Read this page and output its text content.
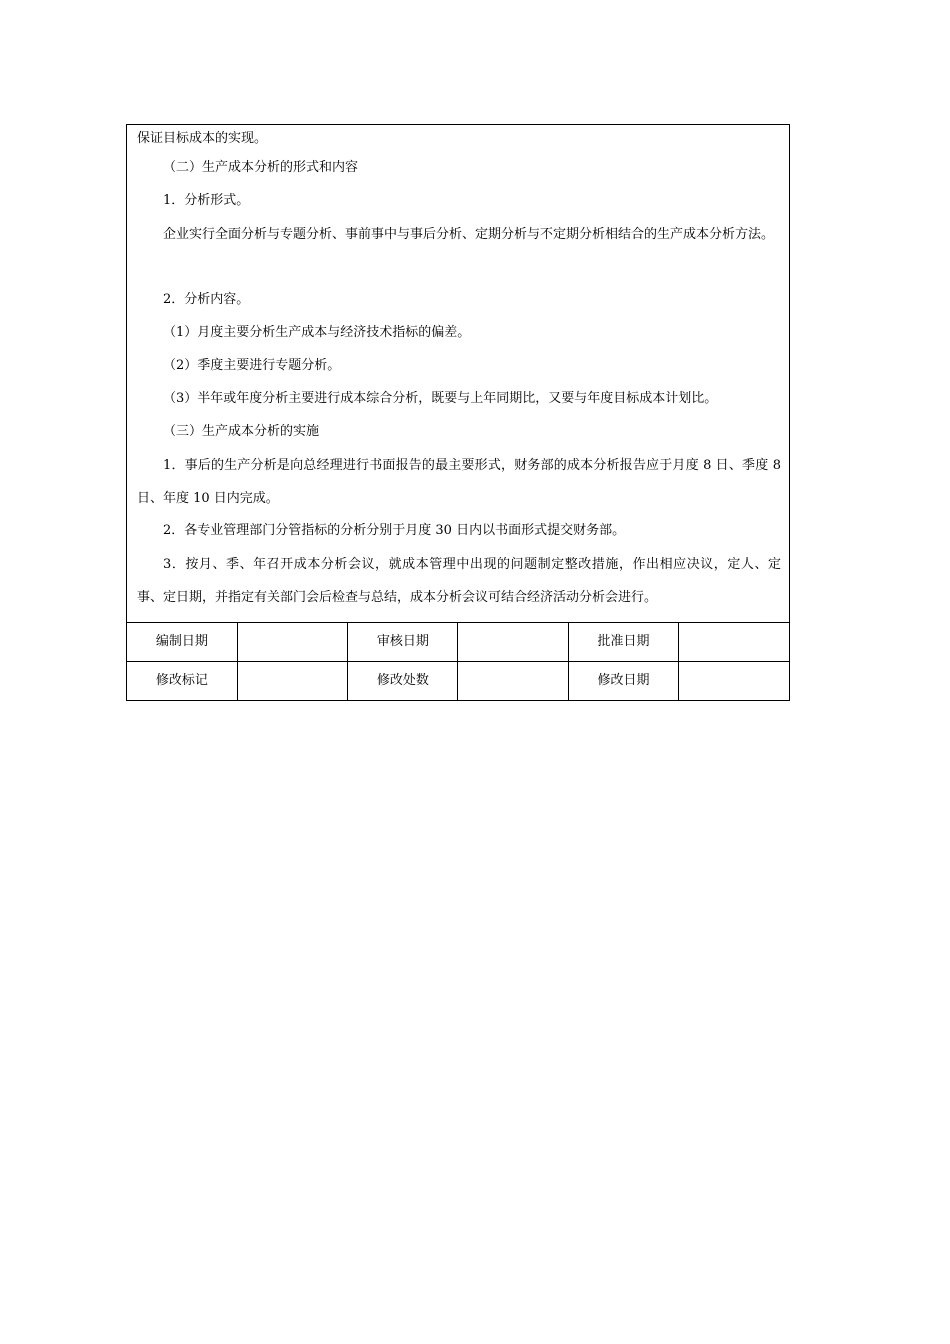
保证目标成本的实现。

（二）生产成本分析的形式和内容

1．分析形式。

企业实行全面分析与专题分析、事前事中与事后分析、定期分析与不定期分析相结合的生产成本分析方法。

2．分析内容。

（1）月度主要分析生产成本与经济技术指标的偏差。

（2）季度主要进行专题分析。

（3）半年或年度分析主要进行成本综合分析，既要与上年同期比，又要与年度目标成本计划比。

（三）生产成本分析的实施

1．事后的生产分析是向总经理进行书面报告的最主要形式，财务部的成本分析报告应于月度 8 日、季度 8 日、年度 10 日内完成。

2．各专业管理部门分管指标的分析分别于月度 30 日内以书面形式提交财务部。

3．按月、季、年召开成本分析会议，就成本管理中出现的问题制定整改措施，作出相应决议，定人、定事、定日期，并指定有关部门会后检查与总结，成本分析会议可结合经济活动分析会进行。

编制日期		审核日期		批准日期	
修改标记		修改处数		修改日期	
